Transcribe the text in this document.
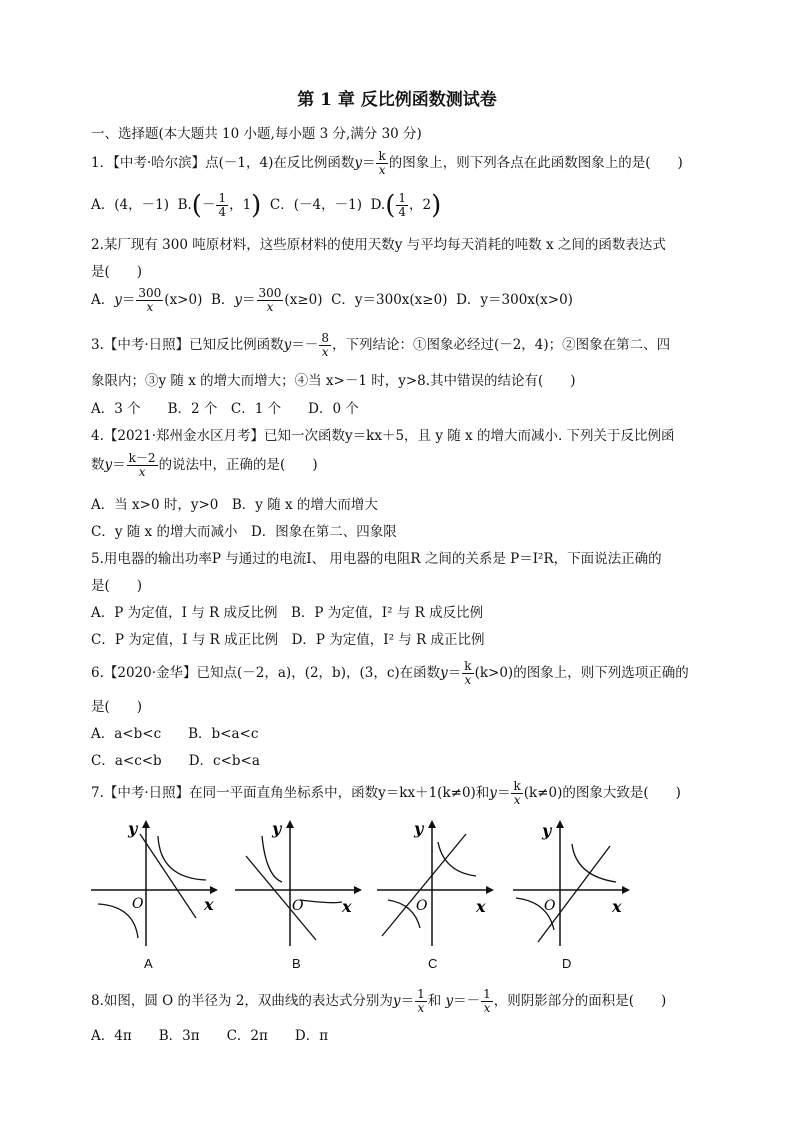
第 1 章 反比例函数测试卷
一、选择题(本大题共 10 小题,每小题 3 分,满分 30 分)
1．【中考·哈尔滨】点(－1，4)在反比例函数$y= \frac{k}{x}$ 的图象上，则下列各点在此函数图象上的是(　　)
A．(4，－1) $B.(- \frac{1}{4}$ ，1) C．(－4，－1) $D.( \frac{1}{4}$ ，2)
2.某厂现有 300 吨原材料，这些原材料的使用天数y 与平均每天消耗的吨数 x 之间的函数表达式
是(　　)
A．$y= \frac{300}{x} (x>0)$  B．$y= \frac{300}{x} (x\ge 0)$ C．y＝300x(x≥0) D．y＝300x(x>0)
3.【中考·日照】已知反比例函数$y=- \frac{8}{x}$ ，下列结论：①图象必经过(－2，4)；②图象在第二、四
象限内；③y 随 x 的增大而增大；④当 x>－1 时，y>8.其中错误的结论有(　　)
A．3 个　　B．2 个　C．1 个　　D．0 个
4.【2021·郑州金水区月考】已知一次函数y＝kx＋5，且 y 随 x 的增大而减小. 下列关于反比例函
数$y= \frac{k-2}{x}$ 的说法中，正确的是(　　)
A．当 x>0 时，y>0　B．y 随 x 的增大而增大
C．y 随 x 的增大而减小　D．图象在第二、四象限
5.用电器的输出功率P 与通过的电流I、 用电器的电阻R 之间的关系是 P＝I²R，下面说法正确的
是(　　)
A．P 为定值，I 与 R 成反比例　B．P 为定值，I² 与 R 成反比例
C．P 为定值，I 与 R 成正比例　D．P 为定值，I² 与 R 成正比例
6.【2020·金华】已知点(－2，a)，(2，b)，(3，c)在函数$y= \frac{k}{x} (k>0)$的图象上，则下列选项正确的
是(　　)
A．a<b<c　　B．b<a<c
C．a<c<b　　D．c<b<a
7.【中考·日照】在同一平面直角坐标系中，函数y＝kx＋1(k≠0)和$y= \frac{k}{x} (k\ne 0)$的图象大致是(　　)
y
x
O
y
x
O
y
x
O
y
x
O
A	B	C	D
8.如图，圆 O 的半径为 2，双曲线的表达式分别为$y= \frac{1}{x}$ 和 $y=- \frac{1}{x}$ ，则阴影部分的面积是(　　)
A．4π　　B．3π　　C．2π　　D．π
